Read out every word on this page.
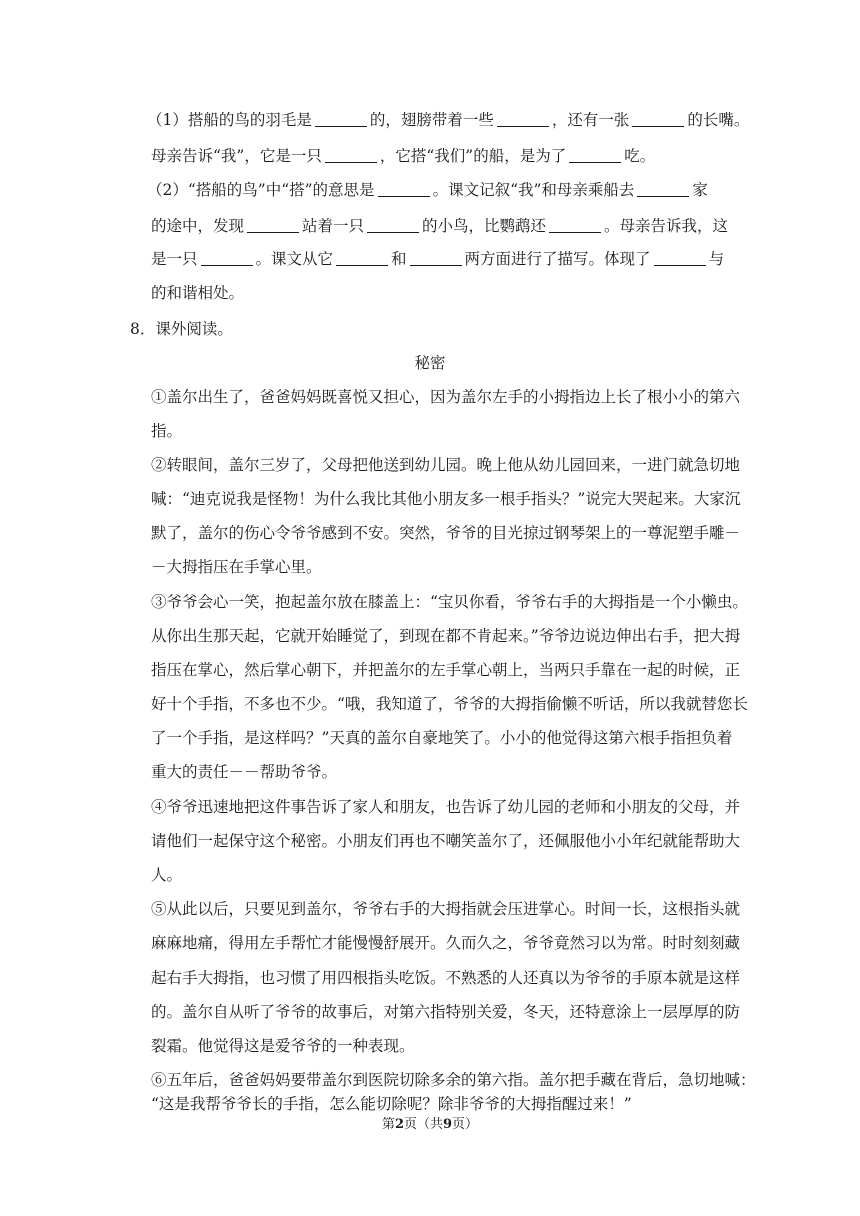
（1）搭船的鸟的羽毛是	的，翅膀带着一些	，还有一张	的长嘴。
母亲告诉“我”，它是一只	，它搭“我们”的船，是为了	吃。
（2）“搭船的鸟”中“搭”的意思是	。课文记叙“我”和母亲乘船去	家
的途中，发现	站着一只	的小鸟，比鹦鹉还	。母亲告诉我，这
是一只	。课文从它	和	两方面进行了描写。体现了	与
的和谐相处。
8．课外阅读。
秘密
①盖尔出生了，爸爸妈妈既喜悦又担心，因为盖尔左手的小拇指边上长了根小小的第六
指。
②转眼间，盖尔三岁了，父母把他送到幼儿园。晚上他从幼儿园回来，一进门就急切地
喊：“迪克说我是怪物！为什么我比其他小朋友多一根手指头？”说完大哭起来。大家沉
默了，盖尔的伤心令爷爷感到不安。突然，爷爷的目光掠过钢琴架上的一尊泥塑手雕－
－大拇指压在手掌心里。
③爷爷会心一笑，抱起盖尔放在膝盖上：“宝贝你看，爷爷右手的大拇指是一个小懒虫。
从你出生那天起，它就开始睡觉了，到现在都不肯起来。”爷爷边说边伸出右手，把大拇
指压在掌心，然后掌心朝下，并把盖尔的左手掌心朝上，当两只手靠在一起的时候，正
好十个手指，不多也不少。“哦，我知道了，爷爷的大拇指偷懒不听话，所以我就替您长
了一个手指，是这样吗？”天真的盖尔自豪地笑了。小小的他觉得这第六根手指担负着
重大的责任－－帮助爷爷。
④爷爷迅速地把这件事告诉了家人和朋友，也告诉了幼儿园的老师和小朋友的父母，并
请他们一起保守这个秘密。小朋友们再也不嘲笑盖尔了，还佩服他小小年纪就能帮助大
人。
⑤从此以后，只要见到盖尔，爷爷右手的大拇指就会压进掌心。时间一长，这根指头就
麻麻地痛，得用左手帮忙才能慢慢舒展开。久而久之，爷爷竟然习以为常。时时刻刻藏
起右手大拇指，也习惯了用四根指头吃饭。不熟悉的人还真以为爷爷的手原本就是这样
的。盖尔自从听了爷爷的故事后，对第六指特别关爱，冬天，还特意涂上一层厚厚的防
裂霜。他觉得这是爱爷爷的一种表现。
⑥五年后，爸爸妈妈要带盖尔到医院切除多余的第六指。盖尔把手藏在背后，急切地喊：
“这是我帮爷爷长的手指，怎么能切除呢？除非爷爷的大拇指醒过来！”
第2页（共9页）
